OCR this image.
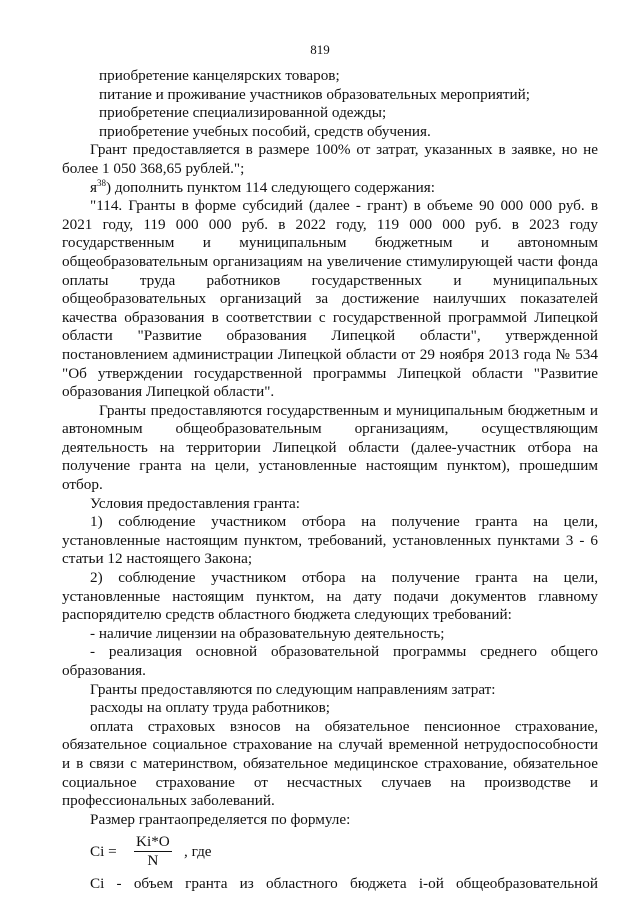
819

приобретение канцелярских товаров;

питание и проживание участников образовательных мероприятий;

приобретение специализированной одежды;

приобретение учебных пособий, средств обучения.

Грант предоставляется в размере 100% от затрат, указанных в заявке, но не более 1 050 368,65 рублей.";

$я^{38}$) дополнить пунктом 114 следующего содержания:

"114. Гранты в форме субсидий (далее - грант) в объеме 90 000 000 руб. в 2021 году, 119 000 000 руб. в 2022 году, 119 000 000 руб. в 2023 году государственным и муниципальным бюджетным и автономным общеобразовательным организациям на увеличение стимулирующей части фонда оплаты труда работников государственных и муниципальных общеобразовательных организаций за достижение наилучших показателей качества образования в соответствии с государственной программой Липецкой области "Развитие образования Липецкой области", утвержденной постановлением администрации Липецкой области от 29 ноября 2013 года № 534 "Об утверждении государственной программы Липецкой области "Развитие образования Липецкой области".

Гранты предоставляются государственным и муниципальным бюджетным и автономным общеобразовательным организациям, осуществляющим деятельность на территории Липецкой области (далее-участник отбора на получение гранта на цели, установленные настоящим пунктом), прошедшим отбор.

Условия предоставления гранта:

1) соблюдение участником отбора на получение гранта на цели, установленные настоящим пунктом, требований, установленных пунктами 3 - 6 статьи 12 настоящего Закона;

2) соблюдение участником отбора на получение гранта на цели, установленные настоящим пунктом, на дату подачи документов главному распорядителю средств областного бюджета следующих требований:

- наличие лицензии на образовательную деятельность;

- реализация основной образовательной программы среднего общего образования.

Гранты предоставляются по следующим направлениям затрат:

расходы на оплату труда работников;

оплата страховых взносов на обязательное пенсионное страхование, обязательное социальное страхование на случай временной нетрудоспособности и в связи с материнством, обязательное медицинское страхование, обязательное социальное страхование от несчастных случаев на производстве и профессиональных заболеваний.

Размер грантаопределяется по формуле:

$Ci = \frac{Ki*O}{N}$ , где

Ci - объем гранта из областного бюджета i-ой общеобразовательной
